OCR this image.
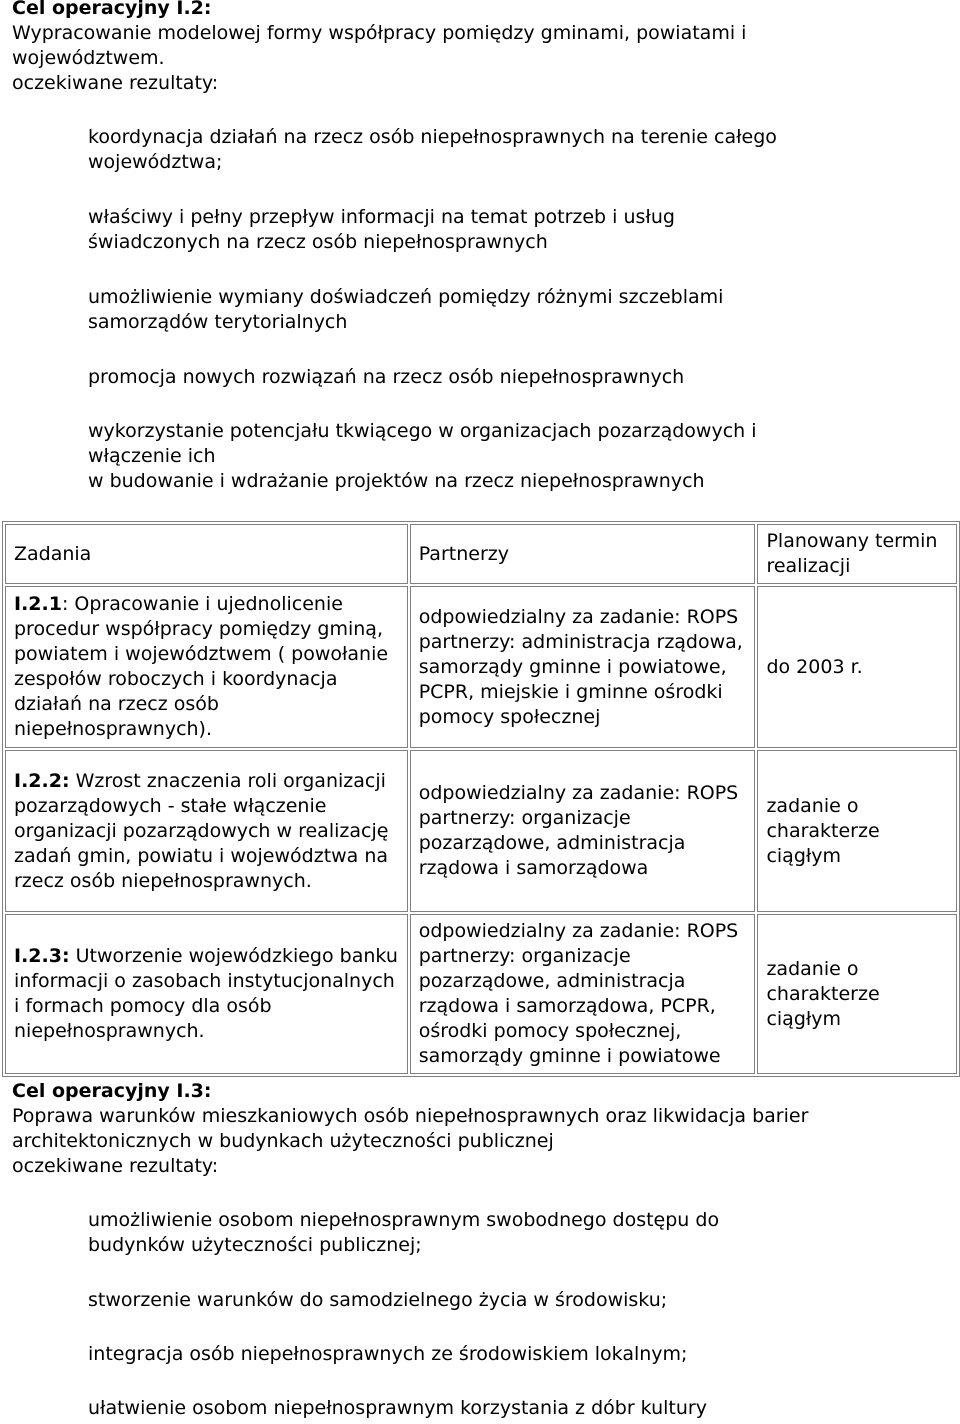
Cel operacyjny I.2:
Wypracowanie modelowej formy współpracy pomiędzy gminami, powiatami i województwem.
oczekiwane rezultaty:
koordynacja działań na rzecz osób niepełnosprawnych na terenie całego województwa;
właściwy i pełny przepływ informacji na temat potrzeb i usług świadczonych na rzecz osób niepełnosprawnych
umożliwienie wymiany doświadczeń pomiędzy różnymi szczeblami samorządów terytorialnych
promocja nowych rozwiązań na rzecz osób niepełnosprawnych
wykorzystanie potencjału tkwiącego w organizacjach pozarządowych i włączenie ich
w budowanie i wdrażanie projektów na rzecz niepełnosprawnych
Zadania	Partnerzy	Planowany termin realizacji
I.2.1: Opracowanie i ujednolicenie procedur współpracy pomiędzy gminą, powiatem i województwem ( powołanie zespołów roboczych i koordynacja działań na rzecz osób niepełnosprawnych).	odpowiedzialny za zadanie: ROPS partnerzy: administracja rządowa, samorządy gminne i powiatowe, PCPR, miejskie i gminne ośrodki pomocy społecznej	do 2003 r.
I.2.2: Wzrost znaczenia roli organizacji pozarządowych - stałe włączenie organizacji pozarządowych w realizację zadań gmin, powiatu i województwa na rzecz osób niepełnosprawnych.	odpowiedzialny za zadanie: ROPS partnerzy: organizacje pozarządowe, administracja rządowa i samorządowa	zadanie o charakterze ciągłym
I.2.3: Utworzenie wojewódzkiego banku informacji o zasobach instytucjonalnych i formach pomocy dla osób niepełnosprawnych.	odpowiedzialny za zadanie: ROPS partnerzy: organizacje pozarządowe, administracja rządowa i samorządowa, PCPR, ośrodki pomocy społecznej, samorządy gminne i powiatowe	zadanie o charakterze ciągłym
Cel operacyjny I.3:
Poprawa warunków mieszkaniowych osób niepełnosprawnych oraz likwidacja barier architektonicznych w budynkach użyteczności publicznej
oczekiwane rezultaty:
umożliwienie osobom niepełnosprawnym swobodnego dostępu do budynków użyteczności publicznej;
stworzenie warunków do samodzielnego życia w środowisku;
integracja osób niepełnosprawnych ze środowiskiem lokalnym;
ułatwienie osobom niepełnosprawnym korzystania z dóbr kultury
